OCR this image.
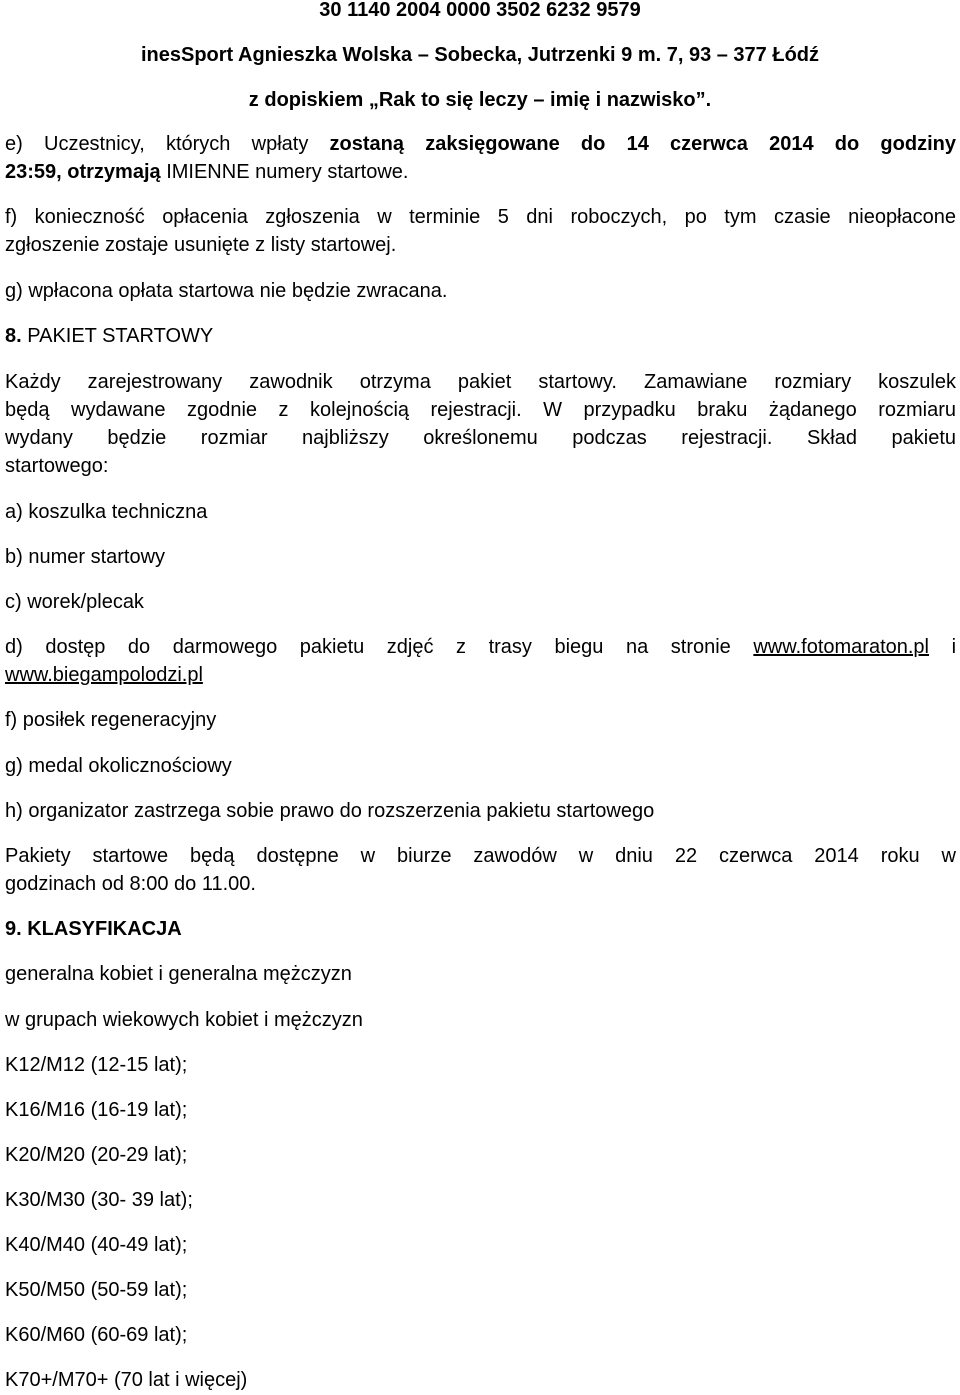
30 1140 2004 0000 3502 6232 9579
inesSport Agnieszka Wolska – Sobecka, Jutrzenki 9 m. 7, 93 – 377 Łódź
z dopiskiem „Rak to się leczy – imię i nazwisko”.
e) Uczestnicy, których wpłaty zostaną zaksięgowane do 14 czerwca 2014 do godziny
23:59, otrzymają IMIENNE numery startowe.
f) konieczność opłacenia zgłoszenia w terminie 5 dni roboczych, po tym czasie nieopłacone
zgłoszenie zostaje usunięte z listy startowej.
g) wpłacona opłata startowa nie będzie zwracana.
8. PAKIET STARTOWY
Każdy zarejestrowany zawodnik otrzyma pakiet startowy. Zamawiane rozmiary koszulek
będą wydawane zgodnie z kolejnością rejestracji. W przypadku braku żądanego rozmiaru
wydany będzie rozmiar najbliższy określonemu podczas rejestracji. Skład pakietu
startowego:
a) koszulka techniczna
b) numer startowy
c) worek/plecak
d) dostęp do darmowego pakietu zdjęć z trasy biegu na stronie www.fotomaraton.pl i
www.biegampolodzi.pl
f) posiłek regeneracyjny
g) medal okolicznościowy
h) organizator zastrzega sobie prawo do rozszerzenia pakietu startowego
Pakiety startowe będą dostępne w biurze zawodów w dniu 22 czerwca 2014 roku w
godzinach od 8:00 do 11.00.
9. KLASYFIKACJA
generalna kobiet i generalna mężczyzn
w grupach wiekowych kobiet i mężczyzn
K12/M12 (12-15 lat);
K16/M16 (16-19 lat);
K20/M20 (20-29 lat);
K30/M30 (30- 39 lat);
K40/M40 (40-49 lat);
K50/M50 (50-59 lat);
K60/M60 (60-69 lat);
K70+/M70+ (70 lat i więcej)
